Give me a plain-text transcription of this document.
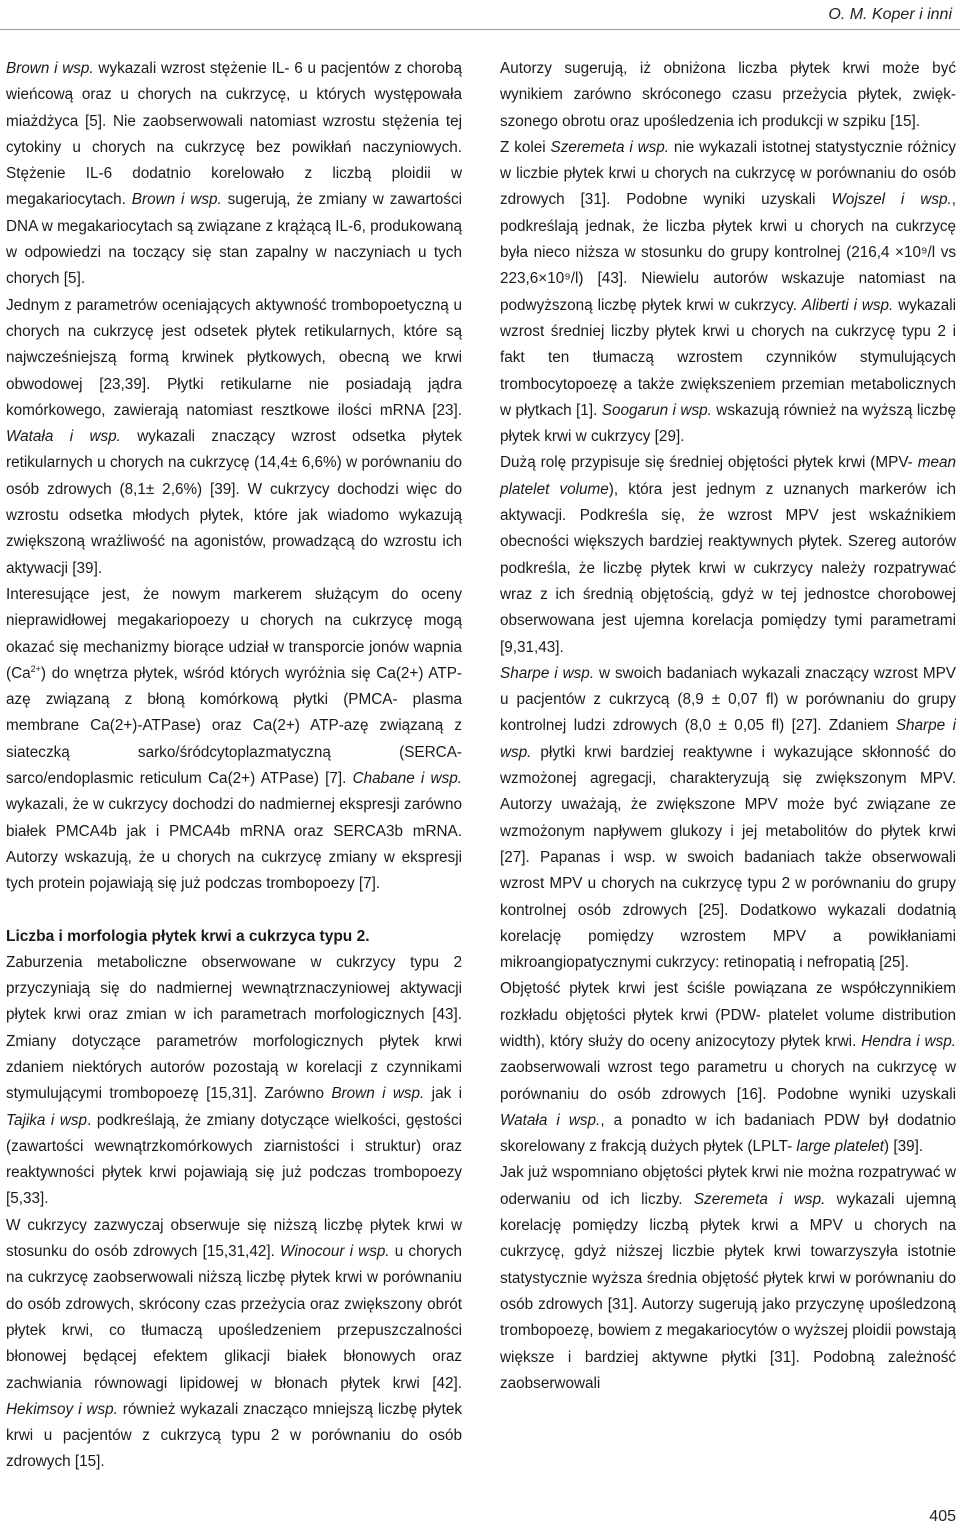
O. M. Koper i inni

Brown i wsp. wykazali wzrost stężenie IL- 6 u pacjentów z chorobą wieńcową oraz u chorych na cukrzycę, u których występowała miażdżyca [5]. Nie zaobserwowali natomiast wzrostu stężenia tej cytokiny u chorych na cukrzycę bez powikłań naczyniowych. Stężenie IL-6 dodatnio korelowało z liczbą ploidii w megakariocytach. Brown i wsp. sugerują, że zmiany w zawartości DNA w megakariocytach są związane z krążącą IL-6, produkowaną w odpowiedzi na toczący się stan zapalny w naczyniach u tych chorych [5].

Jednym z parametrów oceniających aktywność trombopoetyczną u chorych na cukrzycę jest odsetek płytek retikularnych, które są najwcześniejszą formą krwinek płytkowych, obecną we krwi obwodowej [23,39]. Płytki retikularne nie posiadają jądra komórkowego, zawierają natomiast resztkowe ilości mRNA [23]. Watała i wsp. wykazali znaczący wzrost odsetka płytek retikularnych u chorych na cukrzycę (14,4± 6,6%) w porównaniu do osób zdrowych (8,1± 2,6%) [39]. W cukrzycy dochodzi więc do wzrostu odsetka młodych płytek, które jak wiadomo wykazują zwiększoną wrażliwość na agonistów, prowadzącą do wzrostu ich aktywacji [39].

Interesujące jest, że nowym markerem służącym do oceny nieprawidłowej megakariopoezy u chorych na cukrzycę mogą okazać się mechanizmy biorące udział w transporcie jonów wapnia $(Ca^{2+})$ do wnętrza płytek, wśród których wyróżnia się Ca(2+) ATP-azę związaną z błoną komórkową płytki (PMCA- plasma membrane Ca(2+)-ATPase) oraz Ca(2+) ATP-azę związaną z siateczką sarko/śródcytoplazmatyczną (SERCA- sarco/endoplasmic reticulum Ca(2+) ATPase) [7]. Chabane i wsp. wykazali, że w cukrzycy dochodzi do nadmiernej ekspresji zarówno białek PMCA4b jak i PMCA4b mRNA oraz SERCA3b mRNA. Autorzy wskazują, że u chorych na cukrzycę zmiany w ekspresji tych protein pojawiają się już podczas trombopoezy [7].

Liczba i morfologia płytek krwi a cukrzyca typu 2.

Zaburzenia metaboliczne obserwowane w cukrzycy typu 2 przyczyniają się do nadmiernej wewnątrznaczyniowej aktywacji płytek krwi oraz zmian w ich parametrach morfologicznych [43]. Zmiany dotyczące parametrów morfologicznych płytek krwi zdaniem niektórych autorów pozostają w korelacji z czynnikami stymulującymi trombopoezę [15,31]. Zarówno Brown i wsp. jak i Tajika i wsp. podkreślają, że zmiany dotyczące wielkości, gęstości (zawartości wewnątrzkomórkowych ziarnistości i struktur) oraz reaktywności płytek krwi pojawiają się już podczas trombopoezy [5,33].

W cukrzycy zazwyczaj obserwuje się niższą liczbę płytek krwi w stosunku do osób zdrowych [15,31,42]. Winocour i wsp. u chorych na cukrzycę zaobserwowali niższą liczbę płytek krwi w porównaniu do osób zdrowych, skrócony czas przeżycia oraz zwiększony obrót płytek krwi, co tłumaczą upośledzeniem przepuszczalności błonowej będącej efektem glikacji białek błonowych oraz zachwiania równowagi lipidowej w błonach płytek krwi [42]. Hekimsoy i wsp. również wykazali znacząco mniejszą liczbę płytek krwi u pacjentów z cukrzycą typu 2 w porównaniu do osób zdrowych [15].

Autorzy sugerują, iż obniżona liczba płytek krwi może być wynikiem zarówno skróconego czasu przeżycia płytek, zwiększonego obrotu oraz upośledzenia ich produkcji w szpiku [15].

Z kolei Szeremeta i wsp. nie wykazali istotnej statystycznie różnicy w liczbie płytek krwi u chorych na cukrzycę w porównaniu do osób zdrowych [31]. Podobne wyniki uzyskali Wojszel i wsp., podkreślają jednak, że liczba płytek krwi u chorych na cukrzycę była nieco niższa w stosunku do grupy kontrolnej (216,4 ×10⁹/l vs 223,6×10⁹/l) [43]. Niewielu autorów wskazuje natomiast na podwyższoną liczbę płytek krwi w cukrzycy. Aliberti i wsp. wykazali wzrost średniej liczby płytek krwi u chorych na cukrzycę typu 2 i fakt ten tłumaczą wzrostem czynników stymulujących trombocytopoezę a także zwiększeniem przemian metabolicznych w płytkach [1]. Soogarun i wsp. wskazują również na wyższą liczbę płytek krwi w cukrzycy [29].

Dużą rolę przypisuje się średniej objętości płytek krwi (MPV- mean platelet volume), która jest jednym z uznanych markerów ich aktywacji. Podkreśla się, że wzrost MPV jest wskaźnikiem obecności większych bardziej reaktywnych płytek. Szereg autorów podkreśla, że liczbę płytek krwi w cukrzycy należy rozpatrywać wraz z ich średnią objętością, gdyż w tej jednostce chorobowej obserwowana jest ujemna korelacja pomiędzy tymi parametrami [9,31,43].

Sharpe i wsp. w swoich badaniach wykazali znaczący wzrost MPV u pacjentów z cukrzycą (8,9 ± 0,07 fl) w porównaniu do grupy kontrolnej ludzi zdrowych (8,0 ± 0,05 fl) [27]. Zdaniem Sharpe i wsp. płytki krwi bardziej reaktywne i wykazujące skłonność do wzmożonej agregacji, charakteryzują się zwiększonym MPV. Autorzy uważają, że zwiększone MPV może być związane ze wzmożonym napływem glukozy i jej metabolitów do płytek krwi [27]. Papanas i wsp. w swoich badaniach także obserwowali wzrost MPV u chorych na cukrzycę typu 2 w porównaniu do grupy kontrolnej osób zdrowych [25]. Dodatkowo wykazali dodatnią korelację pomiędzy wzrostem MPV a powikłaniami mikroangiopatycznymi cukrzycy: retinopatią i nefropatią [25].

Objętość płytek krwi jest ściśle powiązana ze współczynnikiem rozkładu objętości płytek krwi (PDW- platelet volume distribution width), który służy do oceny anizocytozy płytek krwi. Hendra i wsp. zaobserwowali wzrost tego parametru u chorych na cukrzycę w porównaniu do osób zdrowych [16]. Podobne wyniki uzyskali Watała i wsp., a ponadto w ich badaniach PDW był dodatnio skorelowany z frakcją dużych płytek (LPLT- large platelet) [39].

Jak już wspomniano objętości płytek krwi nie można rozpatrywać w oderwaniu od ich liczby. Szeremeta i wsp. wykazali ujemną korelację pomiędzy liczbą płytek krwi a MPV u chorych na cukrzycę, gdyż niższej liczbie płytek krwi towarzyszyła istotnie statystycznie wyższa średnia objętość płytek krwi w porównaniu do osób zdrowych [31]. Autorzy sugerują jako przyczynę upośledzoną trombopoezę, bowiem z megakariocytów o wyższej ploidii powstają większe i bardziej aktywne płytki [31]. Podobną zależność zaobserwowali

405
